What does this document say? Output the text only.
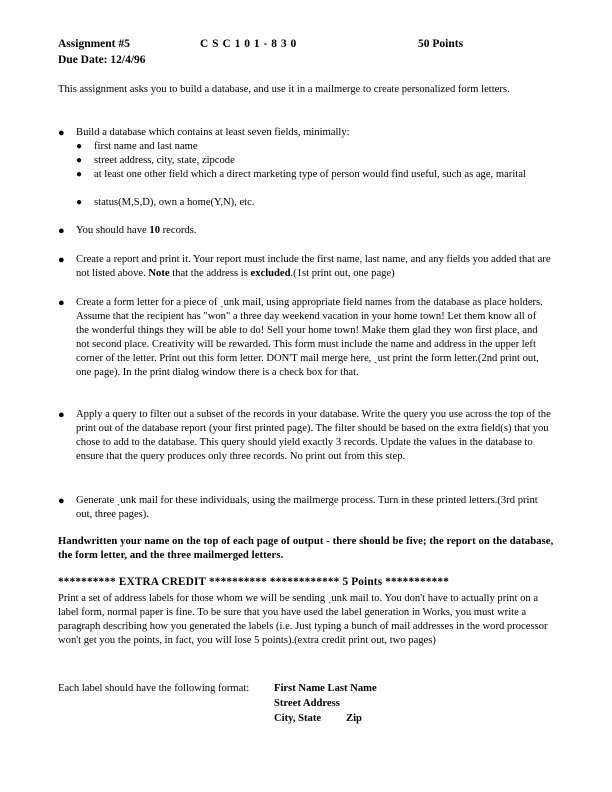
Assignment #5	C S C 1 0 1 - 8 3 0	50 Points
Due Date: 12/4/96

This assignment asks you to build a database, and use it in a mailmerge to create personalized form letters.

● Build a database which contains at least seven fields, minimally:

● first name and last name

● street address, city, state, zipcode

● at least one other field which a direct marketing type of person would find useful, such as age, marital

● status(M,S,D), own a home(Y,N), etc.

● You should have 10 records.

● Create a report and print it. Your report must include the first name, last name, and any fields you added that are not listed above. Note that the address is excluded.(1st print out, one page)

● Create a form letter for a piece of ˏunk mail, using appropriate field names from the database as place holders. Assume that the recipient has "won" a three day weekend vacation in your home town! Let them know all of the wonderful things they will be able to do! Sell your home town! Make them glad they won first place, and not second place. Creativity will be rewarded. This form must include the name and address in the upper left corner of the letter. Print out this form letter. DON'T mail merge here, ˏust print the form letter.(2nd print out, one page). In the print dialog window there is a check box for that.

● Apply a query to filter out a subset of the records in your database. Write the query you use across the top of the print out of the database report (your first printed page). The filter should be based on the extra field(s) that you chose to add to the database. This query should yield exactly 3 records. Update the values in the database to ensure that the query produces only three records. No print out from this step.

● Generate ˏunk mail for these individuals, using the mailmerge process. Turn in these printed letters.(3rd print out, three pages).

Handwritten your name on the top of each page of output - there should be five; the report on the database, the form letter, and the three mailmerged letters.

********** EXTRA CREDIT ********** ************ 5 Points ***********

Print a set of address labels for those whom we will be sending ˏunk mail to. You don't have to actually print on a label form, normal paper is fine. To be sure that you have used the label generation in Works, you must write a paragraph describing how you generated the labels (i.e. Just typing a bunch of mail addresses in the word processor won't get you the points, in fact, you will lose 5 points).(extra credit print out, two pages)

Each label should have the following format: First Name Last Name
Street Address
City, State Zip
